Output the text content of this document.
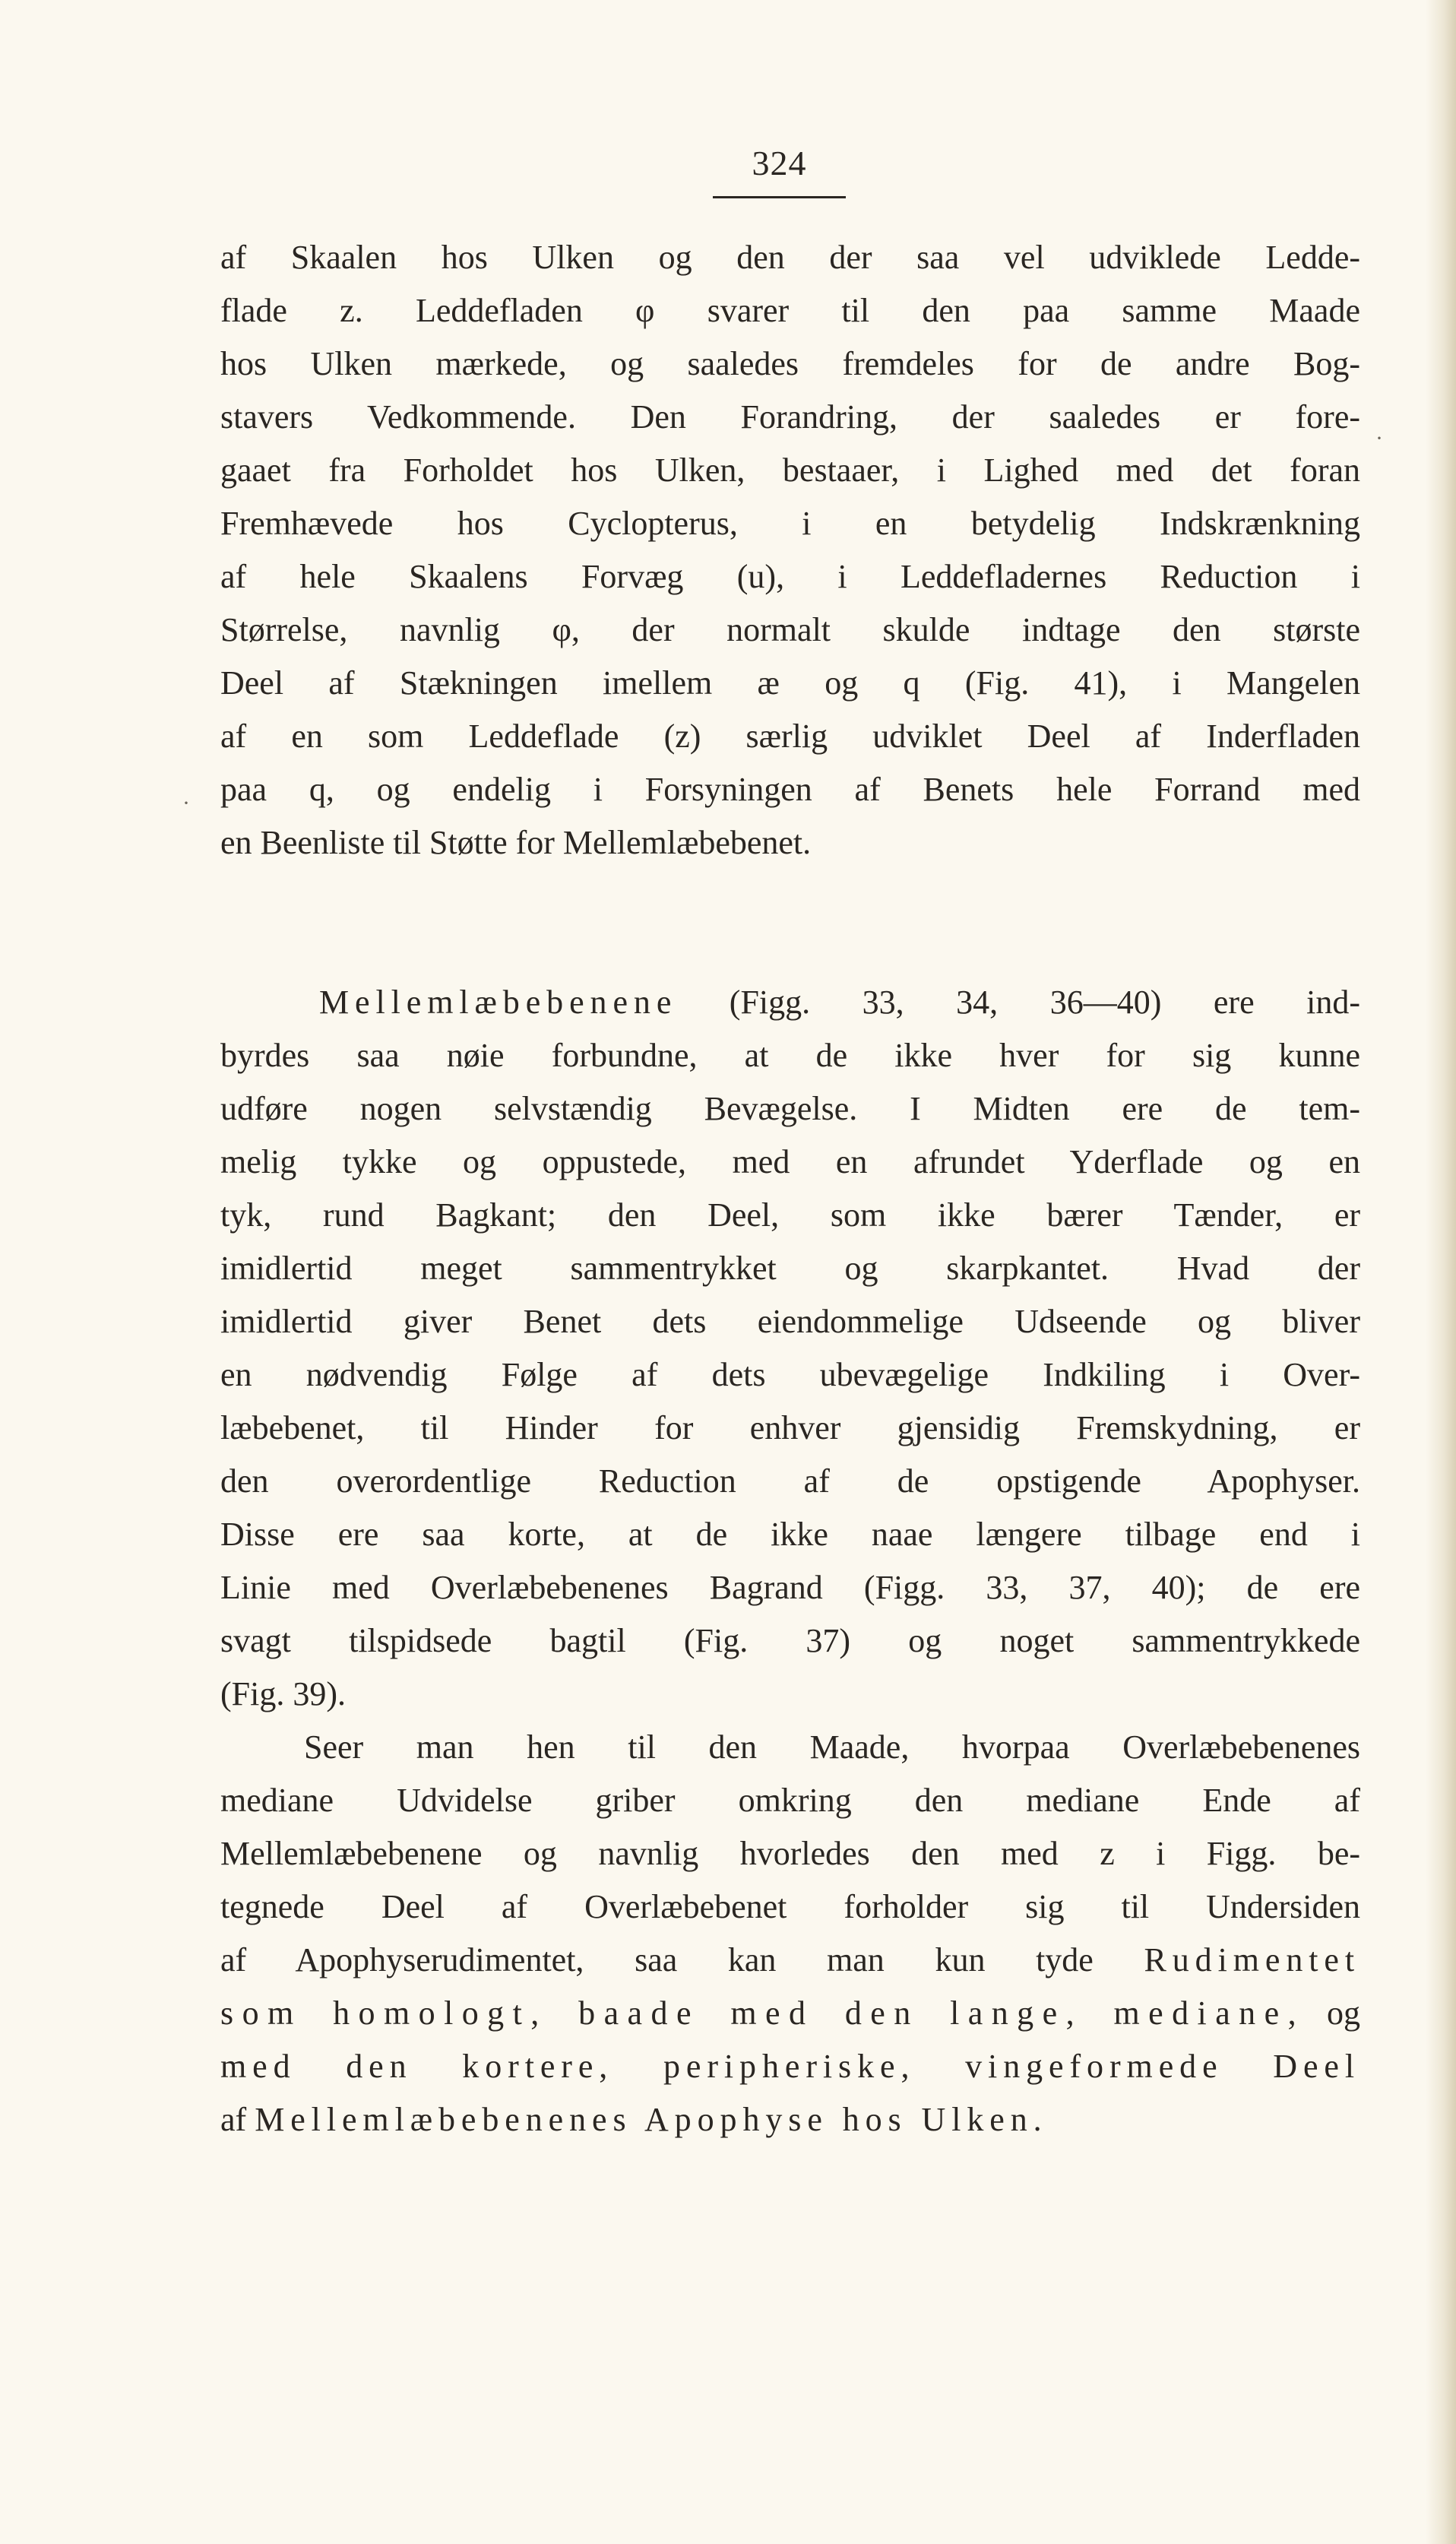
324
·
·
af Skaalen hos Ulken og den der saa vel udviklede Ledde-
flade z. Leddefladen φ svarer til den paa samme Maade
hos Ulken mærkede, og saaledes fremdeles for de andre Bog-
stavers Vedkommende. Den Forandring, der saaledes er fore-
gaaet fra Forholdet hos Ulken, bestaaer, i Lighed med det foran
Fremhævede hos Cyclopterus, i en betydelig Indskrænkning
af hele Skaalens Forvæg (u), i Leddefladernes Reduction i
Størrelse, navnlig φ, der normalt skulde indtage den største
Deel af Stækningen imellem æ og q (Fig. 41), i Mangelen
af en som Leddeflade (z) særlig udviklet Deel af Inderfladen
paa q, og endelig i Forsyningen af Benets hele Forrand med
en Beenliste til Støtte for Mellemlæbebenet.
Mellemlæbebenene (Figg. 33, 34, 36—40) ere ind-
byrdes saa nøie forbundne, at de ikke hver for sig kunne
udføre nogen selvstændig Bevægelse. I Midten ere de tem-
melig tykke og oppustede, med en afrundet Yderflade og en
tyk, rund Bagkant; den Deel, som ikke bærer Tænder, er
imidlertid meget sammentrykket og skarpkantet. Hvad der
imidlertid giver Benet dets eiendommelige Udseende og bliver
en nødvendig Følge af dets ubevægelige Indkiling i Over-
læbebenet, til Hinder for enhver gjensidig Fremskydning, er
den overordentlige Reduction af de opstigende Apophyser.
Disse ere saa korte, at de ikke naae længere tilbage end i
Linie med Overlæbebenenes Bagrand (Figg. 33, 37, 40); de ere
svagt tilspidsede bagtil (Fig. 37) og noget sammentrykkede
(Fig. 39).
Seer man hen til den Maade, hvorpaa Overlæbebenenes
mediane Udvidelse griber omkring den mediane Ende af
Mellemlæbebenene og navnlig hvorledes den med z i Figg. be-
tegnede Deel af Overlæbebenet forholder sig til Undersiden
af Apophyserudimentet, saa kan man kun tyde Rudimentet
som homologt, baade med den lange, mediane, og
med den kortere, peripheriske, vingeformede Deel
af Mellemlæbebenenes Apophyse hos Ulken.
